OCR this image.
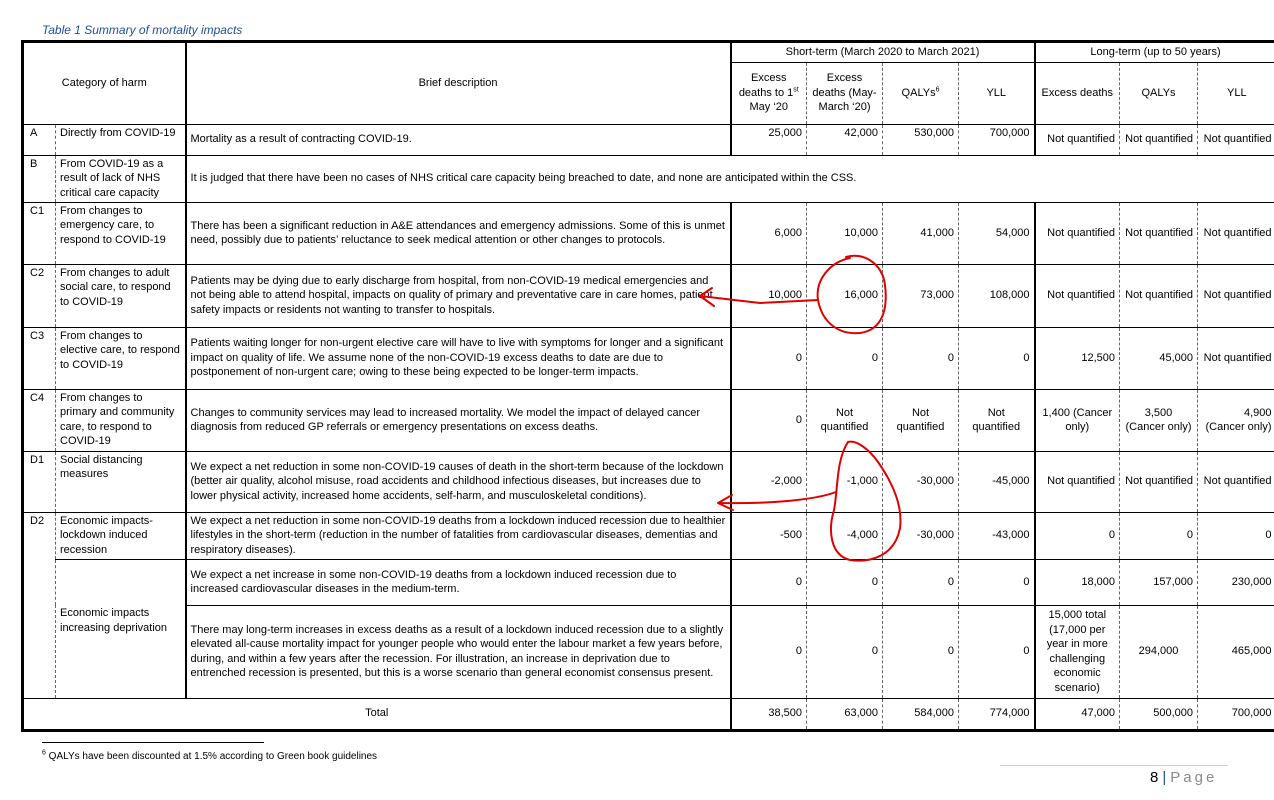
Table 1 Summary of mortality impacts
Category of harm		Brief description	Short-term (March 2020 to March 2021)				Long-term (up to 50 years)		
			Excess deaths to 1st May ‘20	Excess deaths (May-March ‘20)	QALYs$^6$	YLL	Excess deaths	QALYs	YLL
A	Directly from COVID-19	Mortality as a result of contracting COVID-19.	25,000	42,000	530,000	700,000	Not quantified	Not quantified	Not quantified
B	From COVID-19 as a result of lack of NHS critical care capacity	It is judged that there have been no cases of NHS critical care capacity being breached to date, and none are anticipated within the CSS.							
C1	From changes to emergency care, to respond to COVID-19	There has been a significant reduction in A&E attendances and emergency admissions. Some of this is unmet need, possibly due to patients’ reluctance to seek medical attention or other changes to protocols.	6,000	10,000	41,000	54,000	Not quantified	Not quantified	Not quantified
C2	From changes to adult social care, to respond to COVID-19	Patients may be dying due to early discharge from hospital, from non-COVID-19 medical emergencies and not being able to attend hospital, impacts on quality of primary and preventative care in care homes, patient safety impacts or residents not wanting to transfer to hospitals.	10,000	16,000	73,000	108,000	Not quantified	Not quantified	Not quantified
C3	From changes to elective care, to respond to COVID-19	Patients waiting longer for non-urgent elective care will have to live with symptoms for longer and a significant impact on quality of life. We assume none of the non-COVID-19 excess deaths to date are due to postponement of non-urgent care; owing to these being expected to be longer-term impacts.	0	0	0	0	12,500	45,000	Not quantified
C4	From changes to primary and community care, to respond to COVID-19	Changes to community services may lead to increased mortality. We model the impact of delayed cancer diagnosis from reduced GP referrals or emergency presentations on excess deaths.	0	Not quantified	Not quantified	Not quantified	1,400 (Cancer only)	3,500 (Cancer only)	4,900 (Cancer only)
D1	Social distancing measures	We expect a net reduction in some non-COVID-19 causes of death in the short-term because of the lockdown (better air quality, alcohol misuse, road accidents and childhood infectious diseases, but increases due to lower physical activity, increased home accidents, self-harm, and musculoskeletal conditions).	-2,000	-1,000	-30,000	-45,000	Not quantified	Not quantified	Not quantified
D2	Economic impacts- lockdown induced recession	We expect a net reduction in some non-COVID-19 deaths from a lockdown induced recession due to healthier lifestyles in the short-term (reduction in the number of fatalities from cardiovascular diseases, dementias and respiratory diseases).	-500	-4,000	-30,000	-43,000	0	0	0
		We expect a net increase in some non-COVID-19 deaths from a lockdown induced recession due to increased cardiovascular diseases in the medium-term.	0	0	0	0	18,000	157,000	230,000
	Economic impacts increasing deprivation	There may long-term increases in excess deaths as a result of a lockdown induced recession due to a slightly elevated all-cause mortality impact for younger people who would enter the labour market a few years before, during, and within a few years after the recession. For illustration, an increase in deprivation due to entrenched recession is presented, but this is a worse scenario than general economist consensus present.	0	0	0	0	15,000 total (17,000 per year in more challenging economic scenario)	294,000	465,000
Total			38,500	63,000	584,000	774,000	47,000	500,000	700,000
$^6$ QALYs have been discounted at 1.5% according to Green book guidelines
8 | Page
